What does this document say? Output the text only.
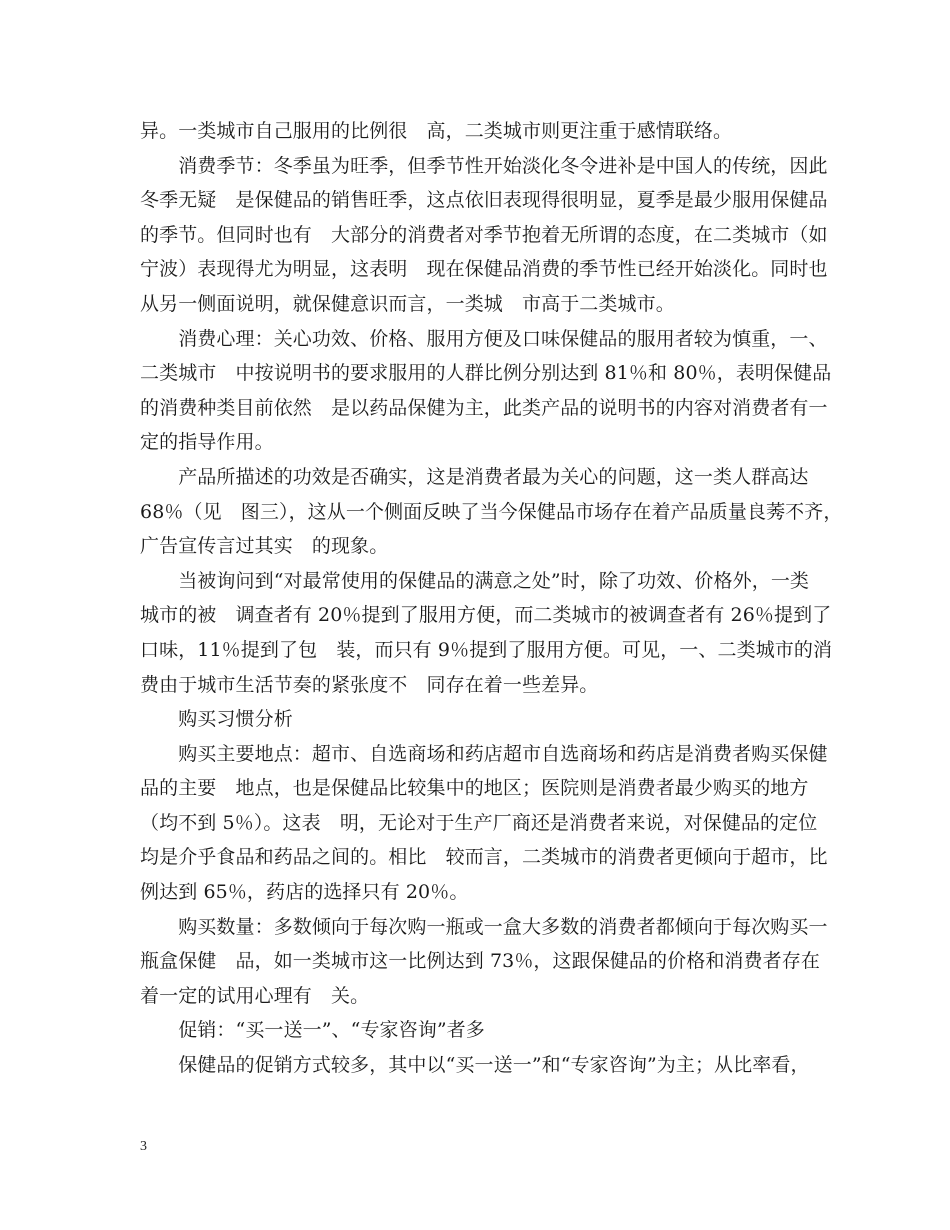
异。一类城市自己服用的比例很　高，二类城市则更注重于感情联络。
　　消费季节：冬季虽为旺季，但季节性开始淡化冬令进补是中国人的传统，因此
冬季无疑　是保健品的销售旺季，这点依旧表现得很明显，夏季是最少服用保健品
的季节。但同时也有　大部分的消费者对季节抱着无所谓的态度，在二类城市（如
宁波）表现得尤为明显，这表明　现在保健品消费的季节性已经开始淡化。同时也
从另一侧面说明，就保健意识而言，一类城　市高于二类城市。
　　消费心理：关心功效、价格、服用方便及口味保健品的服用者较为慎重，一、
二类城市　中按说明书的要求服用的人群比例分别达到 81％和 80％，表明保健品
的消费种类目前依然　是以药品保健为主，此类产品的说明书的内容对消费者有一
定的指导作用。
　　产品所描述的功效是否确实，这是消费者最为关心的问题，这一类人群高达
68％（见　图三），这从一个侧面反映了当今保健品市场存在着产品质量良莠不齐，
广告宣传言过其实　的现象。
　　当被询问到“对最常使用的保健品的满意之处”时，除了功效、价格外，一类
城市的被　调查者有 20％提到了服用方便，而二类城市的被调查者有 26％提到了
口味，11％提到了包　装，而只有 9％提到了服用方便。可见，一、二类城市的消
费由于城市生活节奏的紧张度不　同存在着一些差异。
　　购买习惯分析
　　购买主要地点：超市、自选商场和药店超市自选商场和药店是消费者购买保健
品的主要　地点，也是保健品比较集中的地区；医院则是消费者最少购买的地方
（均不到 5％）。这表　明，无论对于生产厂商还是消费者来说，对保健品的定位
均是介乎食品和药品之间的。相比　较而言，二类城市的消费者更倾向于超市，比
例达到 65％，药店的选择只有 20％。
　　购买数量：多数倾向于每次购一瓶或一盒大多数的消费者都倾向于每次购买一
瓶盒保健　品，如一类城市这一比例达到 73％，这跟保健品的价格和消费者存在
着一定的试用心理有　关。
　　促销：“买一送一”、“专家咨询”者多
　　保健品的促销方式较多，其中以“买一送一”和“专家咨询”为主；从比率看，
3
